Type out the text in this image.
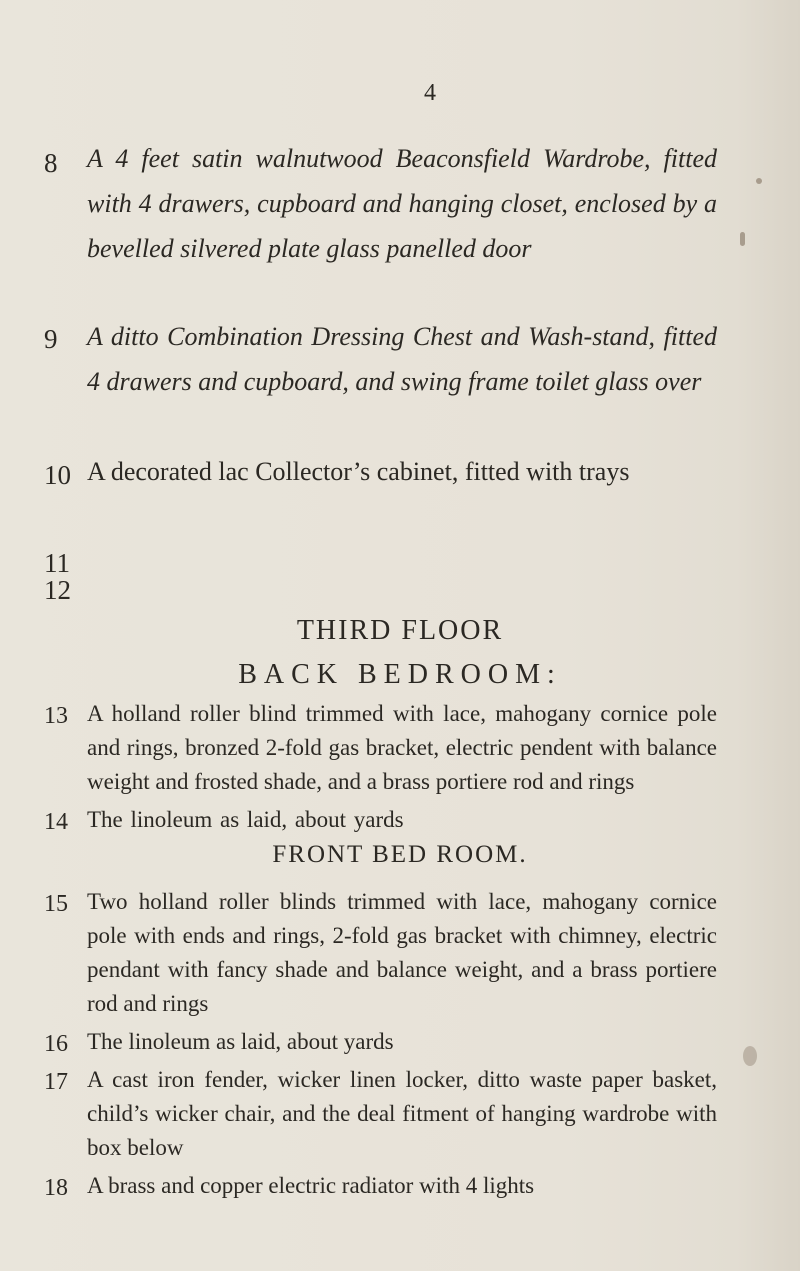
4
8	A 4 feet satin walnutwood Beaconsfield Wardrobe, fitted with 4 drawers, cupboard and hanging closet, enclosed by a bevelled silvered plate glass panelled door

9	A ditto Combination Dressing Chest and Wash-stand, fitted 4 drawers and cupboard, and swing frame toilet glass over

10 A decorated lac Collector’s cabinet, fitted with trays

11

12

THIRD FLOOR
BACK BEDROOM:
13 A holland roller blind trimmed with lace, mahogany cornice pole and rings, bronzed 2-fold gas bracket, electric pendent with balance weight and frosted shade, and a brass portiere rod and rings

14 The linoleum as laid, about yards

FRONT BED ROOM.
15 Two holland roller blinds trimmed with lace, mahogany cornice pole with ends and rings, 2-fold gas bracket with chimney, electric pendant with fancy shade and balance weight, and a brass portiere rod and rings

16 The linoleum as laid, about yards

17 A cast iron fender, wicker linen locker, ditto waste paper basket, child’s wicker chair, and the deal fitment of hanging wardrobe with box below

18 A brass and copper electric radiator with 4 lights
